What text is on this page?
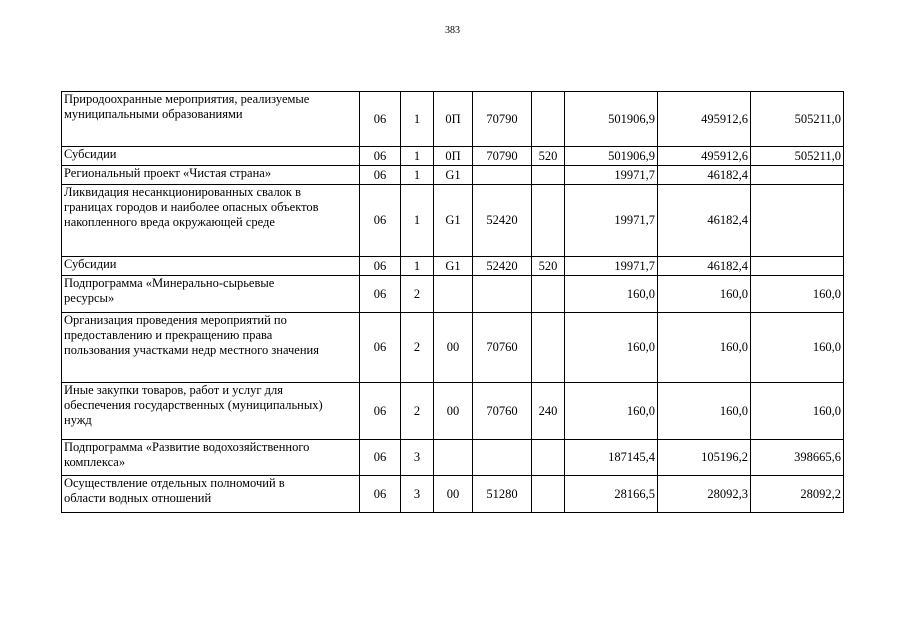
383
Природоохранные мероприятия, реализуемые
муниципальными образованиями	06	1	0П	70790		501906,9	495912,6	505211,0
Субсидии	06	1	0П	70790	520	501906,9	495912,6	505211,0
Региональный проект «Чистая страна»	06	1	G1			19971,7	46182,4	
Ликвидация несанкционированных свалок в
границах городов и наиболее опасных объектов
накопленного вреда окружающей среде	06	1	G1	52420		19971,7	46182,4	
Субсидии	06	1	G1	52420	520	19971,7	46182,4	
Подпрограмма «Минерально-сырьевые
ресурсы»	06	2				160,0	160,0	160,0
Организация проведения мероприятий по
предоставлению и прекращению права
пользования участками недр местного значения	06	2	00	70760		160,0	160,0	160,0
Иные закупки товаров, работ и услуг для
обеспечения государственных (муниципальных)
нужд	06	2	00	70760	240	160,0	160,0	160,0
Подпрограмма «Развитие водохозяйственного
комплекса»	06	3				187145,4	105196,2	398665,6
Осуществление отдельных полномочий в
области водных отношений	06	3	00	51280		28166,5	28092,3	28092,2
